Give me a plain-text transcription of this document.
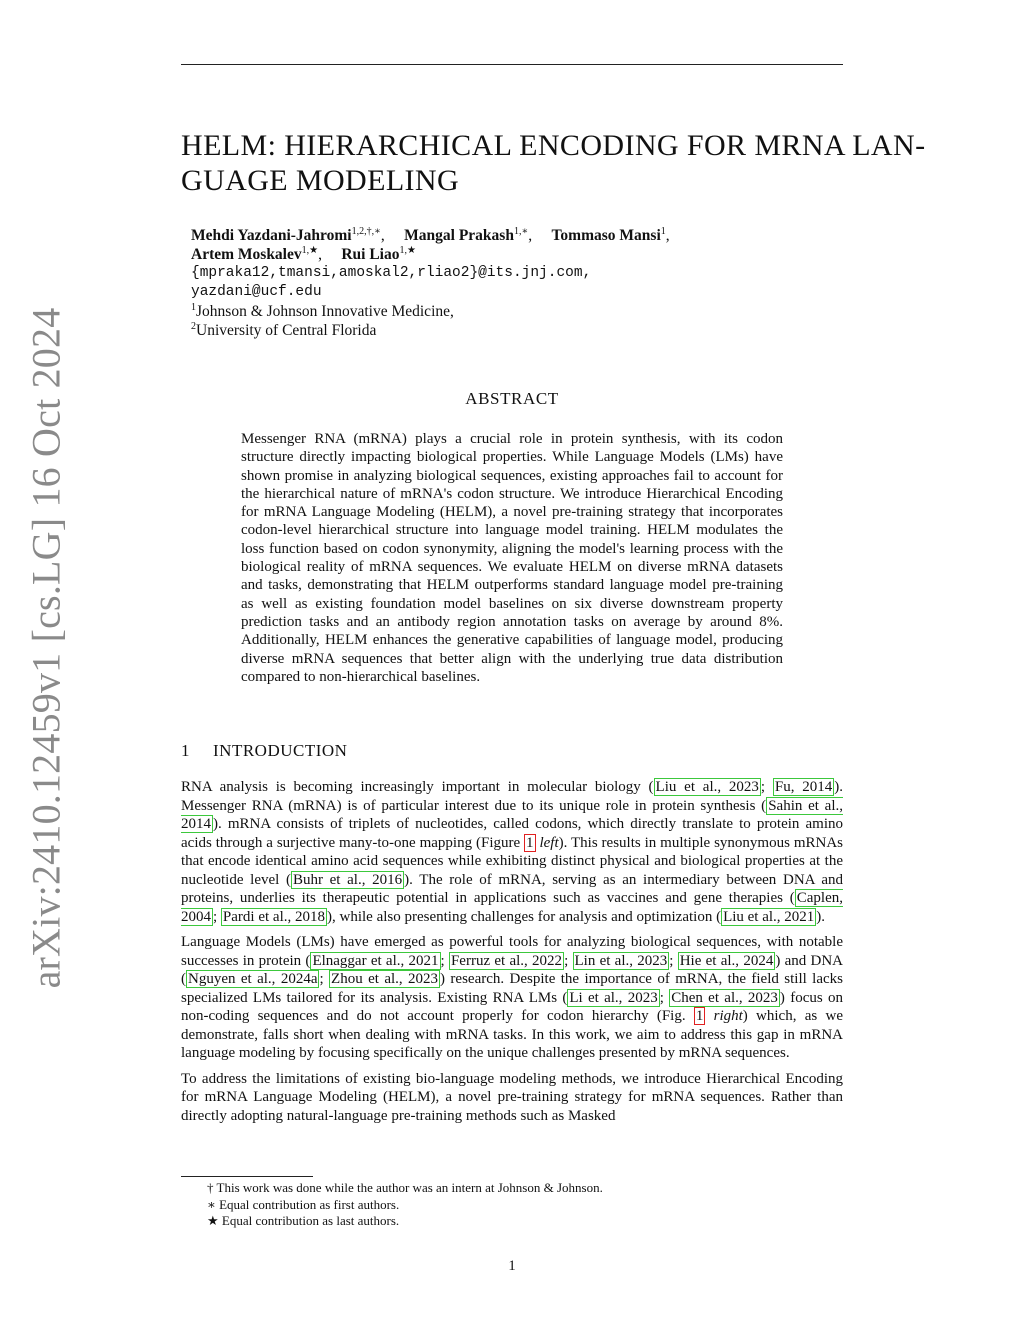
arXiv:2410.12459v1 [cs.LG] 16 Oct 2024
HELM: HIERARCHICAL ENCODING FOR MRNA LAN-
GUAGE MODELING
Mehdi Yazdani-Jahromi$^{1,2,\dagger,∗}$,     Mangal Prakash$^{1,∗}$,     Tommaso Mansi$^1$,
Artem Moskalev$^{1,★}$,     Rui Liao$^{1,★}$
{mpraka12,tmansi,amoskal2,rliao2}@its.jnj.com,
yazdani@ucf.edu
$^1$Johnson & Johnson Innovative Medicine,
$^2$University of Central Florida
ABSTRACT
Messenger RNA (mRNA) plays a crucial role in protein synthesis, with its codon structure directly impacting biological properties. While Language Models (LMs) have shown promise in analyzing biological sequences, existing approaches fail to account for the hierarchical nature of mRNA's codon structure. We introduce Hierarchical Encoding for mRNA Language Modeling (HELM), a novel pre-training strategy that incorporates codon-level hierarchical structure into language model training. HELM modulates the loss function based on codon synonymity, aligning the model's learning process with the biological reality of mRNA sequences. We evaluate HELM on diverse mRNA datasets and tasks, demonstrating that HELM outperforms standard language model pre-training as well as existing foundation model baselines on six diverse downstream property prediction tasks and an antibody region annotation tasks on average by around 8%. Additionally, HELM enhances the generative capabilities of language model, producing diverse mRNA sequences that better align with the underlying true data distribution compared to non-hierarchical baselines.
1 INTRODUCTION

RNA analysis is becoming increasingly important in molecular biology ( Liu et al., 2023 ; Fu, 2014 ). Messenger RNA (mRNA) is of particular interest due to its unique role in protein synthesis ( Sahin et al., 2014 ). mRNA consists of triplets of nucleotides, called codons, which directly translate to protein amino acids through a surjective many-to-one mapping (Figure 1 left). This results in multiple synonymous mRNAs that encode identical amino acid sequences while exhibiting distinct physical and biological properties at the nucleotide level ( Buhr et al., 2016 ). The role of mRNA, serving as an intermediary between DNA and proteins, underlies its therapeutic potential in applications such as vaccines and gene therapies ( Caplen, 2004 ; Pardi et al., 2018 ), while also presenting challenges for analysis and optimization ( Liu et al., 2021 ).

Language Models (LMs) have emerged as powerful tools for analyzing biological sequences, with notable successes in protein ( Elnaggar et al., 2021 ; Ferruz et al., 2022 ; Lin et al., 2023 ; Hie et al., 2024 ) and DNA ( Nguyen et al., 2024a ; Zhou et al., 2023 ) research. Despite the importance of mRNA, the field still lacks specialized LMs tailored for its analysis. Existing RNA LMs ( Li et al., 2023 ; Chen et al., 2023 ) focus on non-coding sequences and do not account properly for codon hierarchy (Fig. 1 right) which, as we demonstrate, falls short when dealing with mRNA tasks. In this work, we aim to address this gap in mRNA language modeling by focusing specifically on the unique challenges presented by mRNA sequences.

To address the limitations of existing bio-language modeling methods, we introduce Hierarchical Encoding for mRNA Language Modeling (HELM), a novel pre-training strategy for mRNA sequences. Rather than directly adopting natural-language pre-training methods such as Masked

† This work was done while the author was an intern at Johnson & Johnson.
∗ Equal contribution as first authors.
★ Equal contribution as last authors.
1
